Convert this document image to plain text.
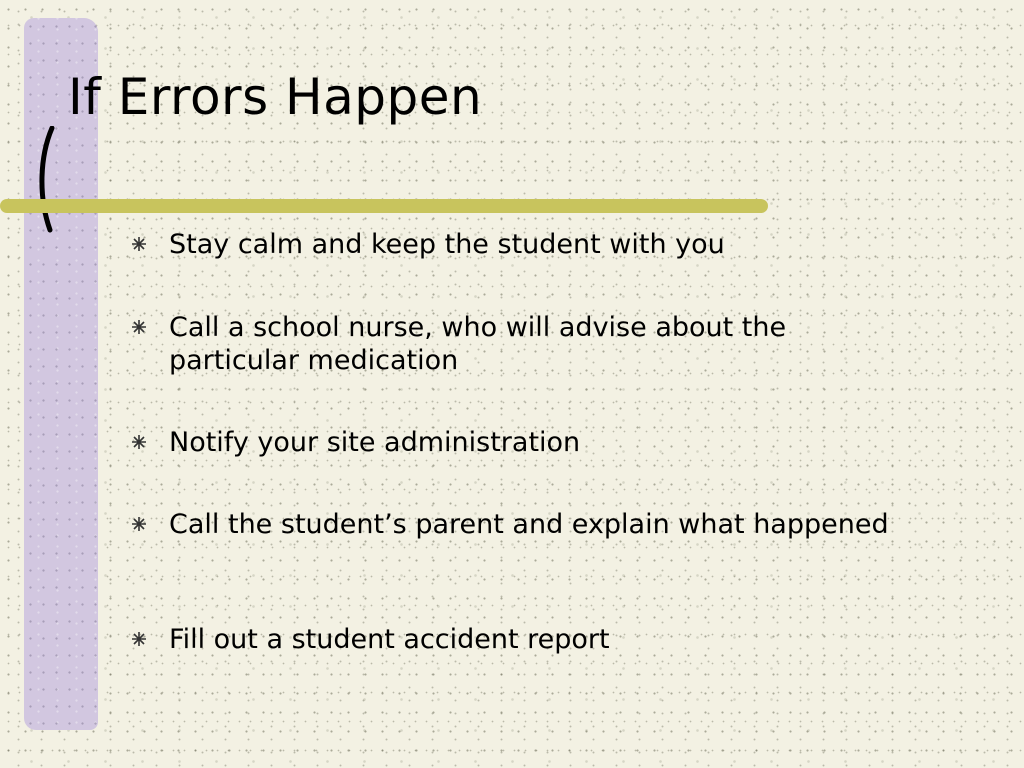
If Errors Happen
Stay calm and keep the student with you
Call a school nurse, who will advise about the particular medication
Notify your site administration
Call the student’s parent and explain what happened
Fill out a student accident report
